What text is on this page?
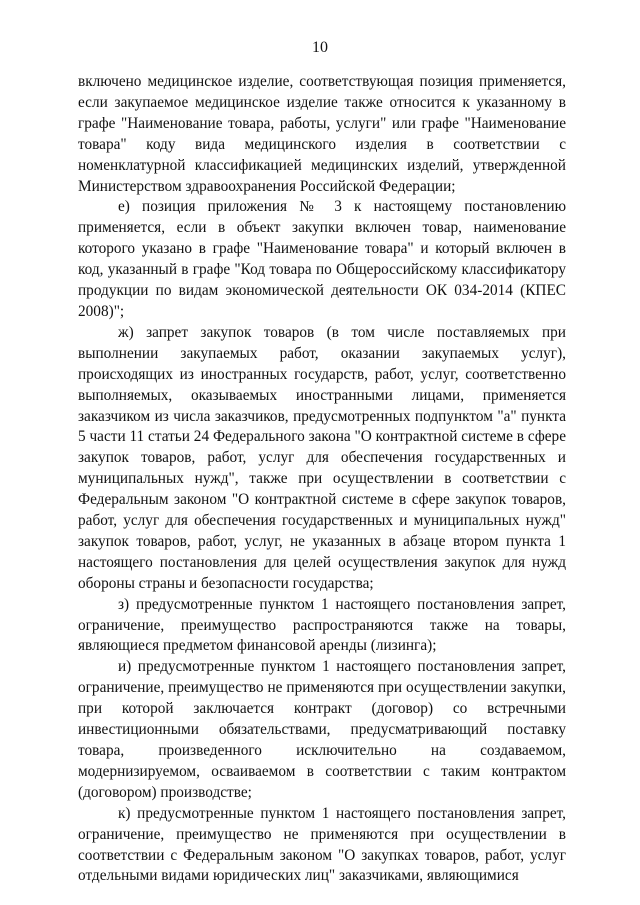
10

включено медицинское изделие, соответствующая позиция применяется, если закупаемое медицинское изделие также относится к указанному в графе "Наименование товара, работы, услуги" или графе "Наименование товара" коду вида медицинского изделия в соответствии с номенклатурной классификацией медицинских изделий, утвержденной Министерством здравоохранения Российской Федерации;

е) позиция приложения № 3 к настоящему постановлению применяется, если в объект закупки включен товар, наименование которого указано в графе "Наименование товара" и который включен в код, указанный в графе "Код товара по Общероссийскому классификатору продукции по видам экономической деятельности ОК 034-2014 (КПЕС 2008)";

ж) запрет закупок товаров (в том числе поставляемых при выполнении закупаемых работ, оказании закупаемых услуг), происходящих из иностранных государств, работ, услуг, соответственно выполняемых, оказываемых иностранными лицами, применяется заказчиком из числа заказчиков, предусмотренных подпунктом "а" пункта 5 части 11 статьи 24 Федерального закона "О контрактной системе в сфере закупок товаров, работ, услуг для обеспечения государственных и муниципальных нужд", также при осуществлении в соответствии с Федеральным законом "О контрактной системе в сфере закупок товаров, работ, услуг для обеспечения государственных и муниципальных нужд" закупок товаров, работ, услуг, не указанных в абзаце втором пункта 1 настоящего постановления для целей осуществления закупок для нужд обороны страны и безопасности государства;

з) предусмотренные пунктом 1 настоящего постановления запрет, ограничение, преимущество распространяются также на товары, являющиеся предметом финансовой аренды (лизинга);

и) предусмотренные пунктом 1 настоящего постановления запрет, ограничение, преимущество не применяются при осуществлении закупки, при которой заключается контракт (договор) со встречными инвестиционными обязательствами, предусматривающий поставку товара, произведенного исключительно на создаваемом, модернизируемом, осваиваемом в соответствии с таким контрактом (договором) производстве;

к) предусмотренные пунктом 1 настоящего постановления запрет, ограничение, преимущество не применяются при осуществлении в соответствии с Федеральным законом "О закупках товаров, работ, услуг отдельными видами юридических лиц" заказчиками, являющимися
